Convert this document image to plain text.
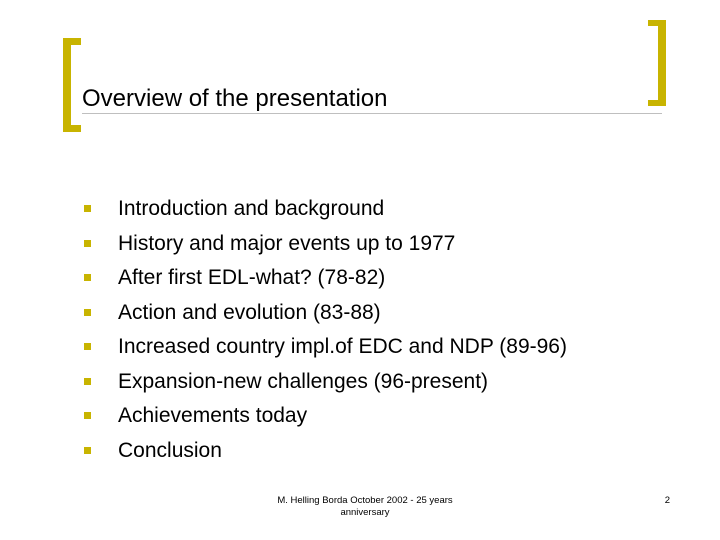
Overview of the presentation
Introduction and background
History and major events up to 1977
After first EDL-what? (78-82)
Action and evolution (83-88)
Increased country impl.of EDC and NDP (89-96)
Expansion-new challenges (96-present)
Achievements today
Conclusion
M. Helling Borda October 2002 - 25 years
anniversary
2
